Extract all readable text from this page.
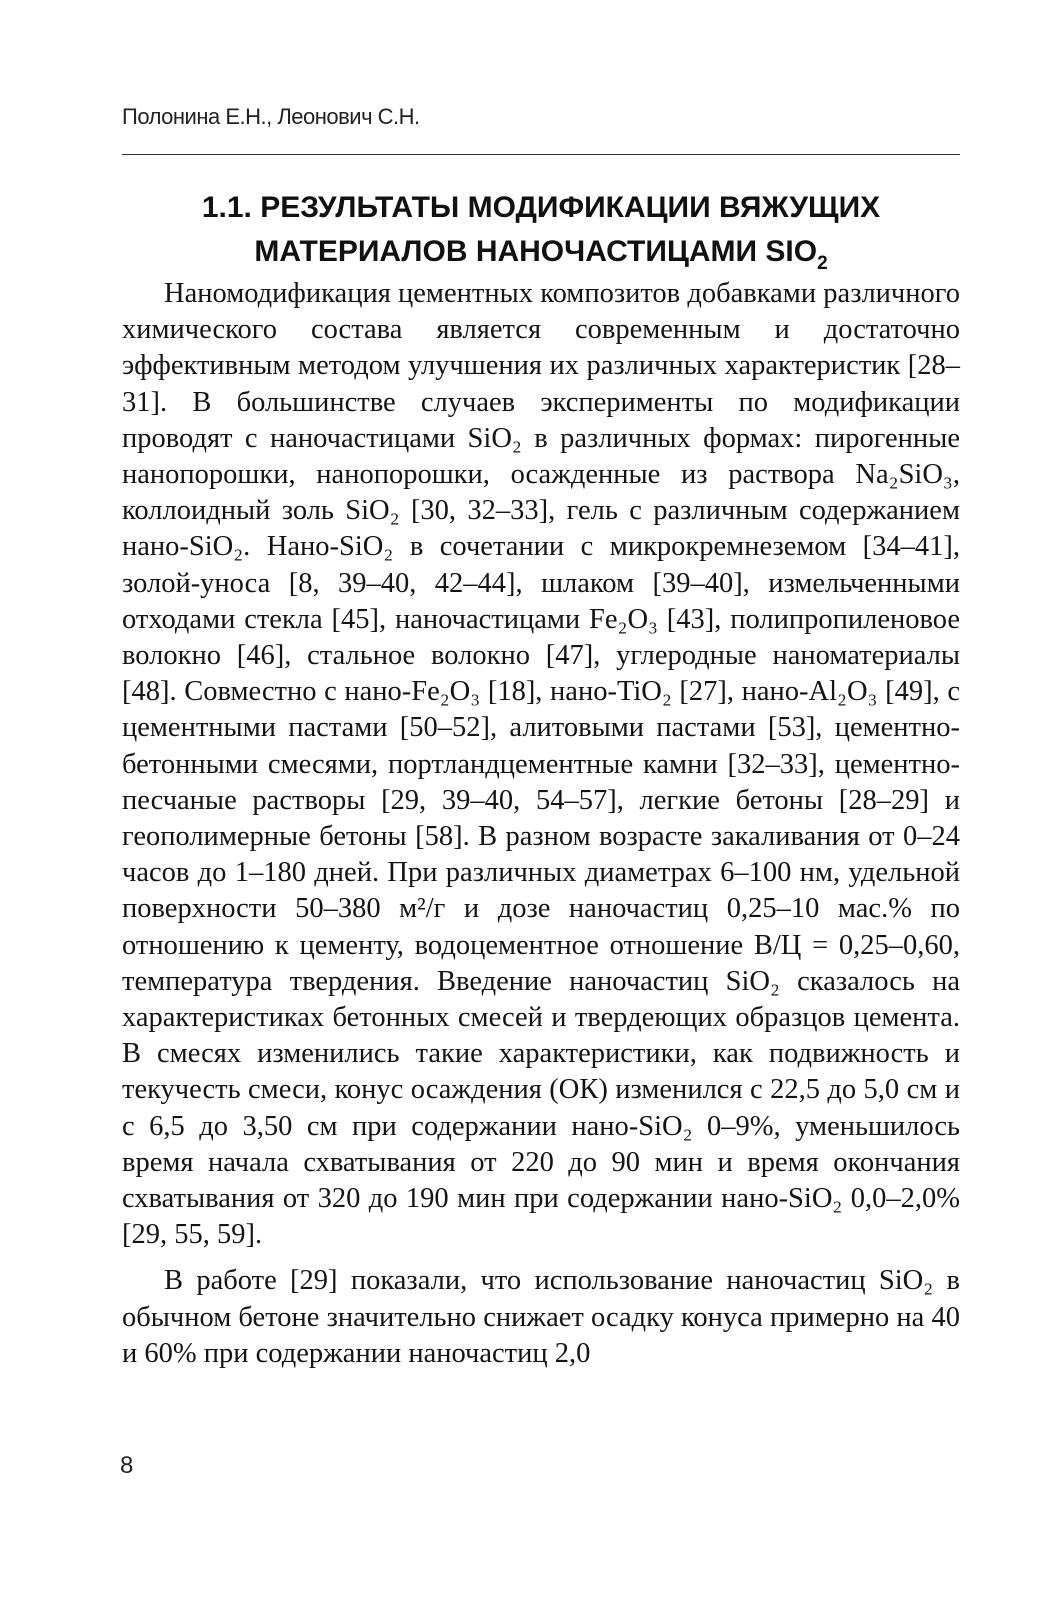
Полонина Е.Н., Леонович С.Н.
1.1. РЕЗУЛЬТАТЫ МОДИФИКАЦИИ ВЯЖУЩИХ
МАТЕРИАЛОВ НАНОЧАСТИЦАМИ $SIO_2$

Наномодификация цементных композитов добавками различного химического состава является современным и достаточно эффективным методом улучшения их различных характеристик [28–31]. В большинстве случаев эксперименты по модификации проводят с наночастицами SiO₂ в различных формах: пирогенные нанопорошки, нанопорошки, осажденные из раствора Na₂SiO₃, коллоидный золь SiO₂ [30, 32–33], гель с различным содержанием нано-SiO₂. Нано-SiO₂ в сочетании с микрокремнеземом [34–41], золой-уноса [8, 39–40, 42–44], шлаком [39–40], измельченными отходами стекла [45], наночастицами Fe₂O₃ [43], полипропиленовое волокно [46], стальное волокно [47], углеродные наноматериалы [48]. Совместно с нано-Fe₂O₃ [18], нано-TiO₂ [27], нано-Al₂O₃ [49], с цементными пастами [50–52], алитовыми пастами [53], цементно-бетонными смесями, портландцементные камни [32–33], цементно-песчаные растворы [29, 39–40, 54–57], легкие бетоны [28–29] и геополимерные бетоны [58]. В разном возрасте закаливания от 0–24 часов до 1–180 дней. При различных диаметрах 6–100 нм, удельной поверхности 50–380 м²/г и дозе наночастиц 0,25–10 мас.% по отношению к цементу, водоцементное отношение В/Ц = 0,25–0,60, температура твердения. Введение наночастиц SiO₂ сказалось на характеристиках бетонных смесей и твердеющих образцов цемента. В смесях изменились такие характеристики, как подвижность и текучесть смеси, конус осаждения (ОК) изменился с 22,5 до 5,0 см и с 6,5 до 3,50 см при содержании нано-SiO₂ 0–9%, уменьшилось время начала схватывания от 220 до 90 мин и время окончания схватывания от 320 до 190 мин при содержании нано-SiO₂ 0,0–2,0% [29, 55, 59].

В работе [29] показали, что использование наночастиц SiO₂ в обычном бетоне значительно снижает осадку конуса примерно на 40 и 60% при содержании наночастиц 2,0

8
